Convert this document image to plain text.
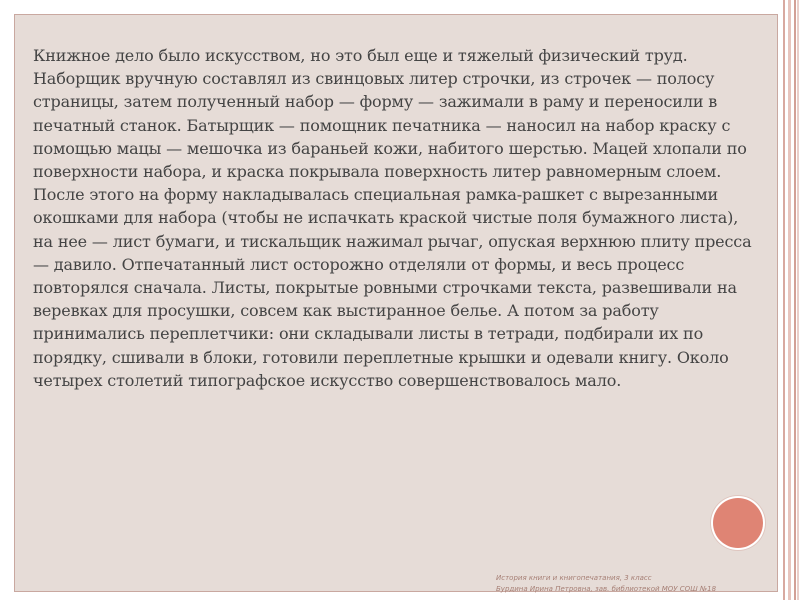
Книжное дело было искусством, но это был еще и тяжелый физический труд. Наборщик вручную составлял из свинцовых литер строчки, из строчек — полосу страницы, затем полученный набор — форму — зажимали в раму и переносили в печатный станок. Батырщик — помощник печатника — наносил на набор краску с помощью мацы — мешочка из бараньей кожи, набитого шерстью. Мацей хлопали по поверхности набора, и краска покрывала поверхность литер равномерным слоем. После этого на форму накладывалась специальная рамка-рашкет с вырезанными окошками для набора (чтобы не испачкать краской чистые поля бумажного листа), на нее — лист бумаги, и тискальщик нажимал рычаг, опуская верхнюю плиту пресса — давило. Отпечатанный лист осторожно отделяли от формы, и весь процесс повторялся сначала. Листы, покрытые ровными строчками текста, развешивали на веревках для просушки, совсем как выстиранное белье. А потом за работу принимались переплетчики: они складывали листы в тетради, подбирали их по порядку, сшивали в блоки, готовили переплетные крышки и одевали книгу. Около четырех столетий типографское искусство совершенствовалось мало.

История книги и книгопечатания, 3 класс
Бурдина Ирина Петровна, зав. библиотекой МОУ СОШ №18
